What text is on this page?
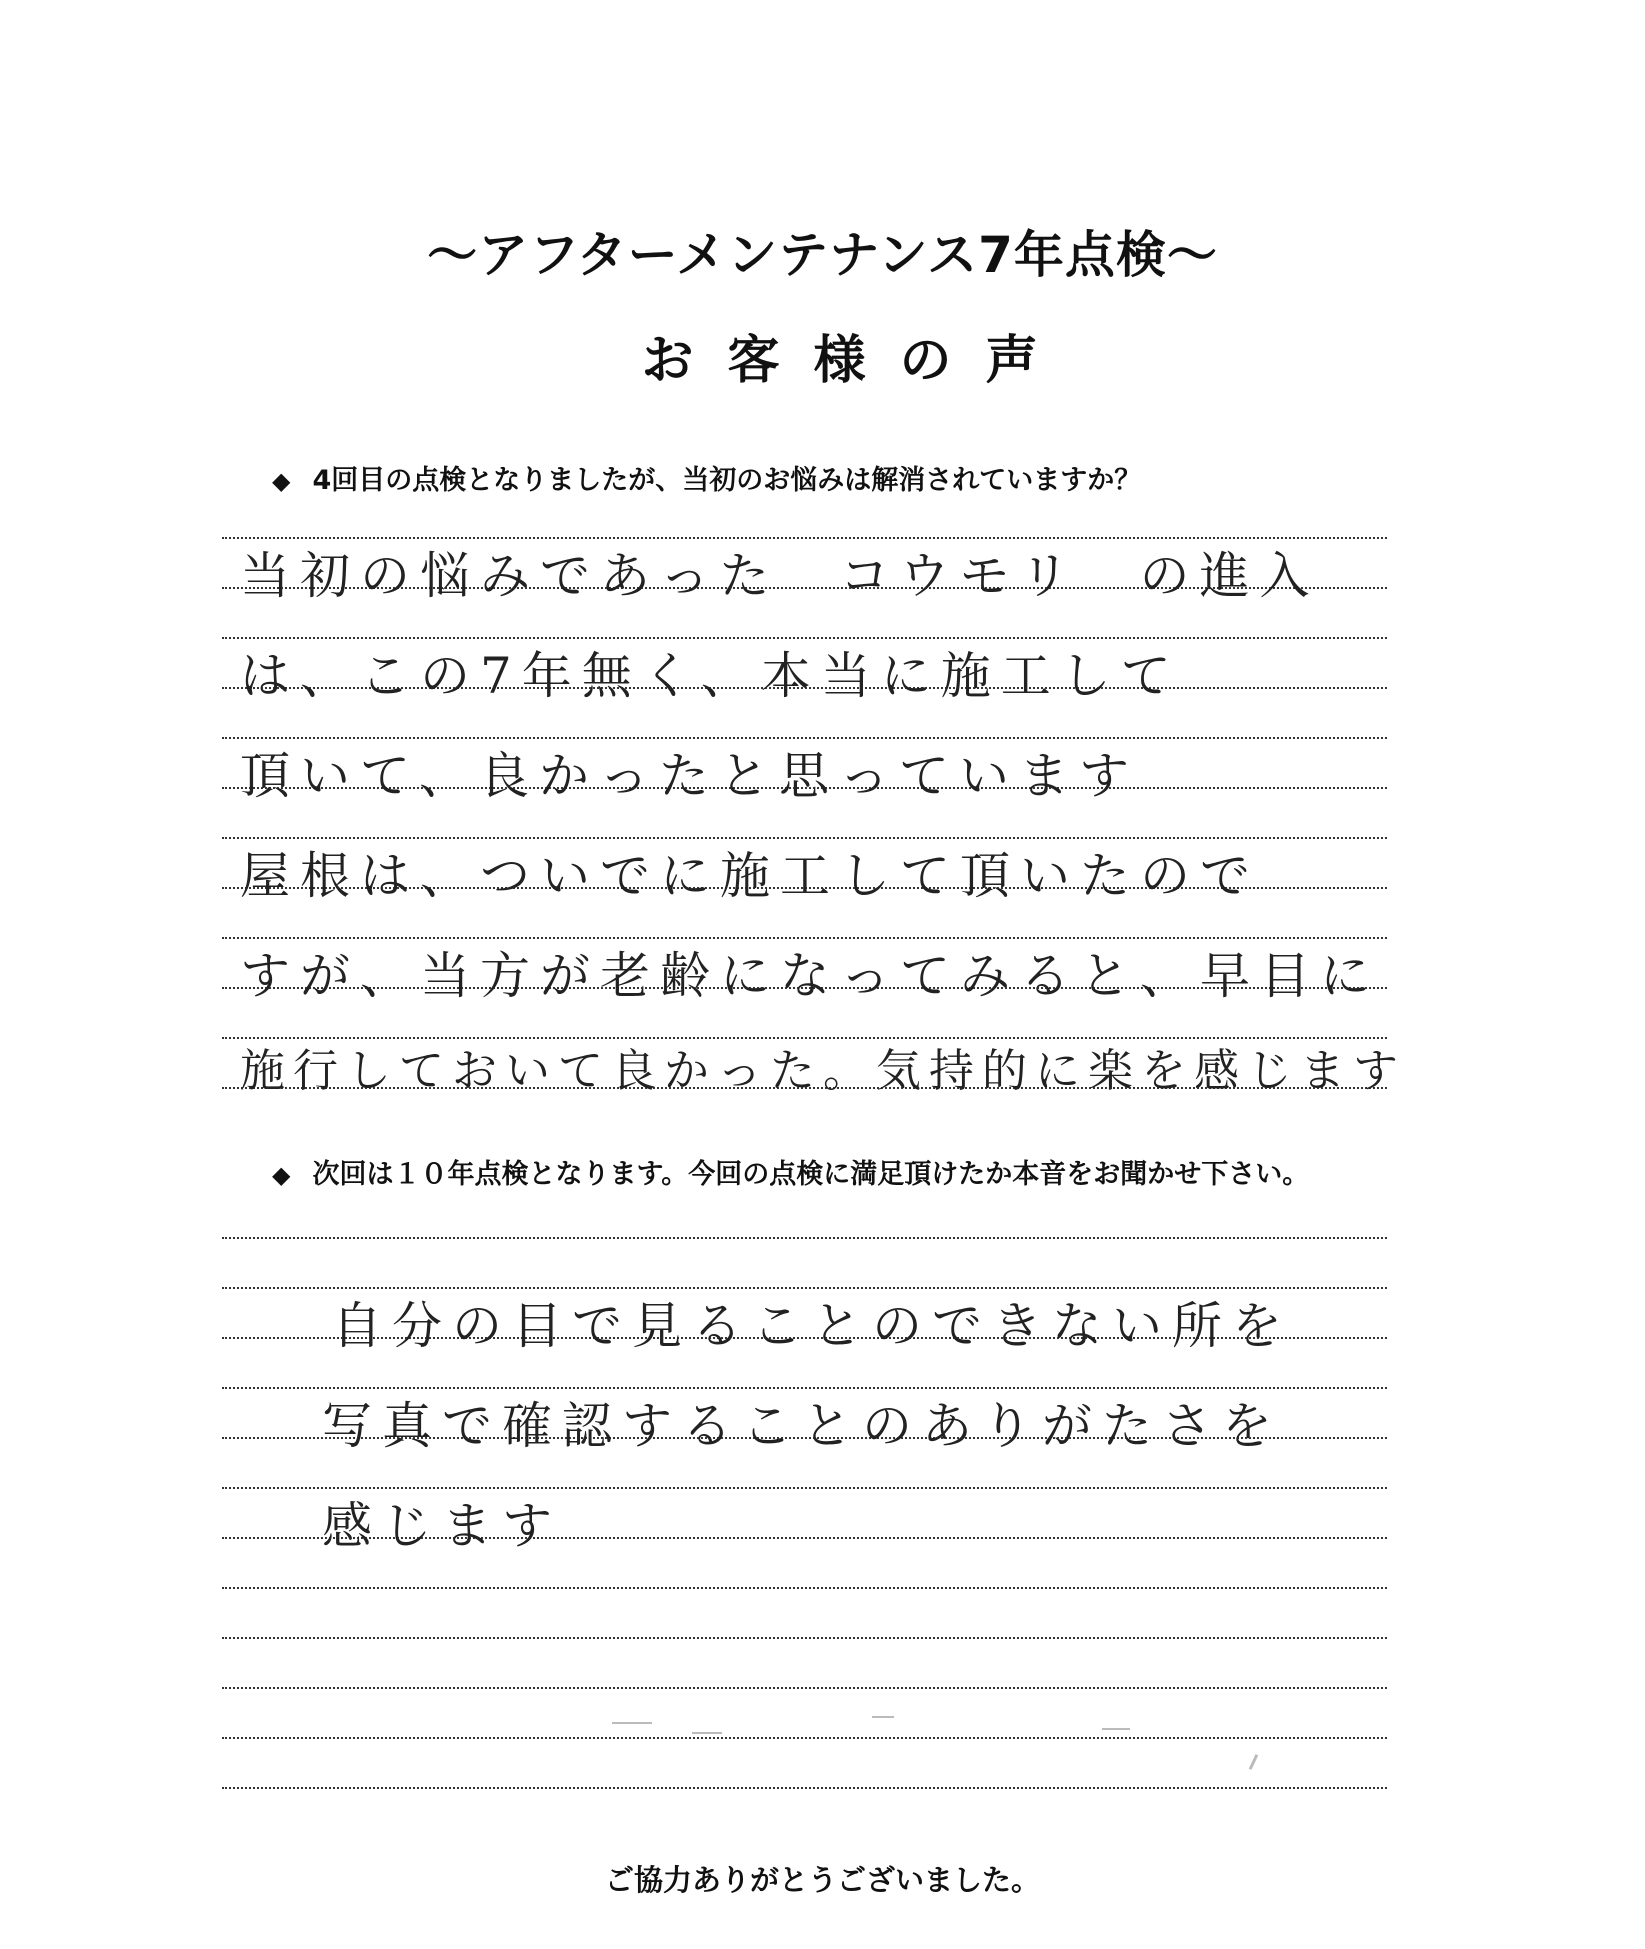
〜アフターメンテナンス7年点検〜
お客様の声
◆ 4回目の点検となりましたが、当初のお悩みは解消されていますか？
当初の悩みであった　コウモリ　の進入
は、この7年無く、本当に施工して
頂いて、良かったと思っています
屋根は、ついでに施工して頂いたので
すが、当方が老齢になってみると、早目に
施行しておいて良かった。気持的に楽を感じます
◆ 次回は１０年点検となります。今回の点検に満足頂けたか本音をお聞かせ下さい。
自分の目で見ることのできない所を
写真で確認することのありがたさを
感じます
ご協力ありがとうございました。
